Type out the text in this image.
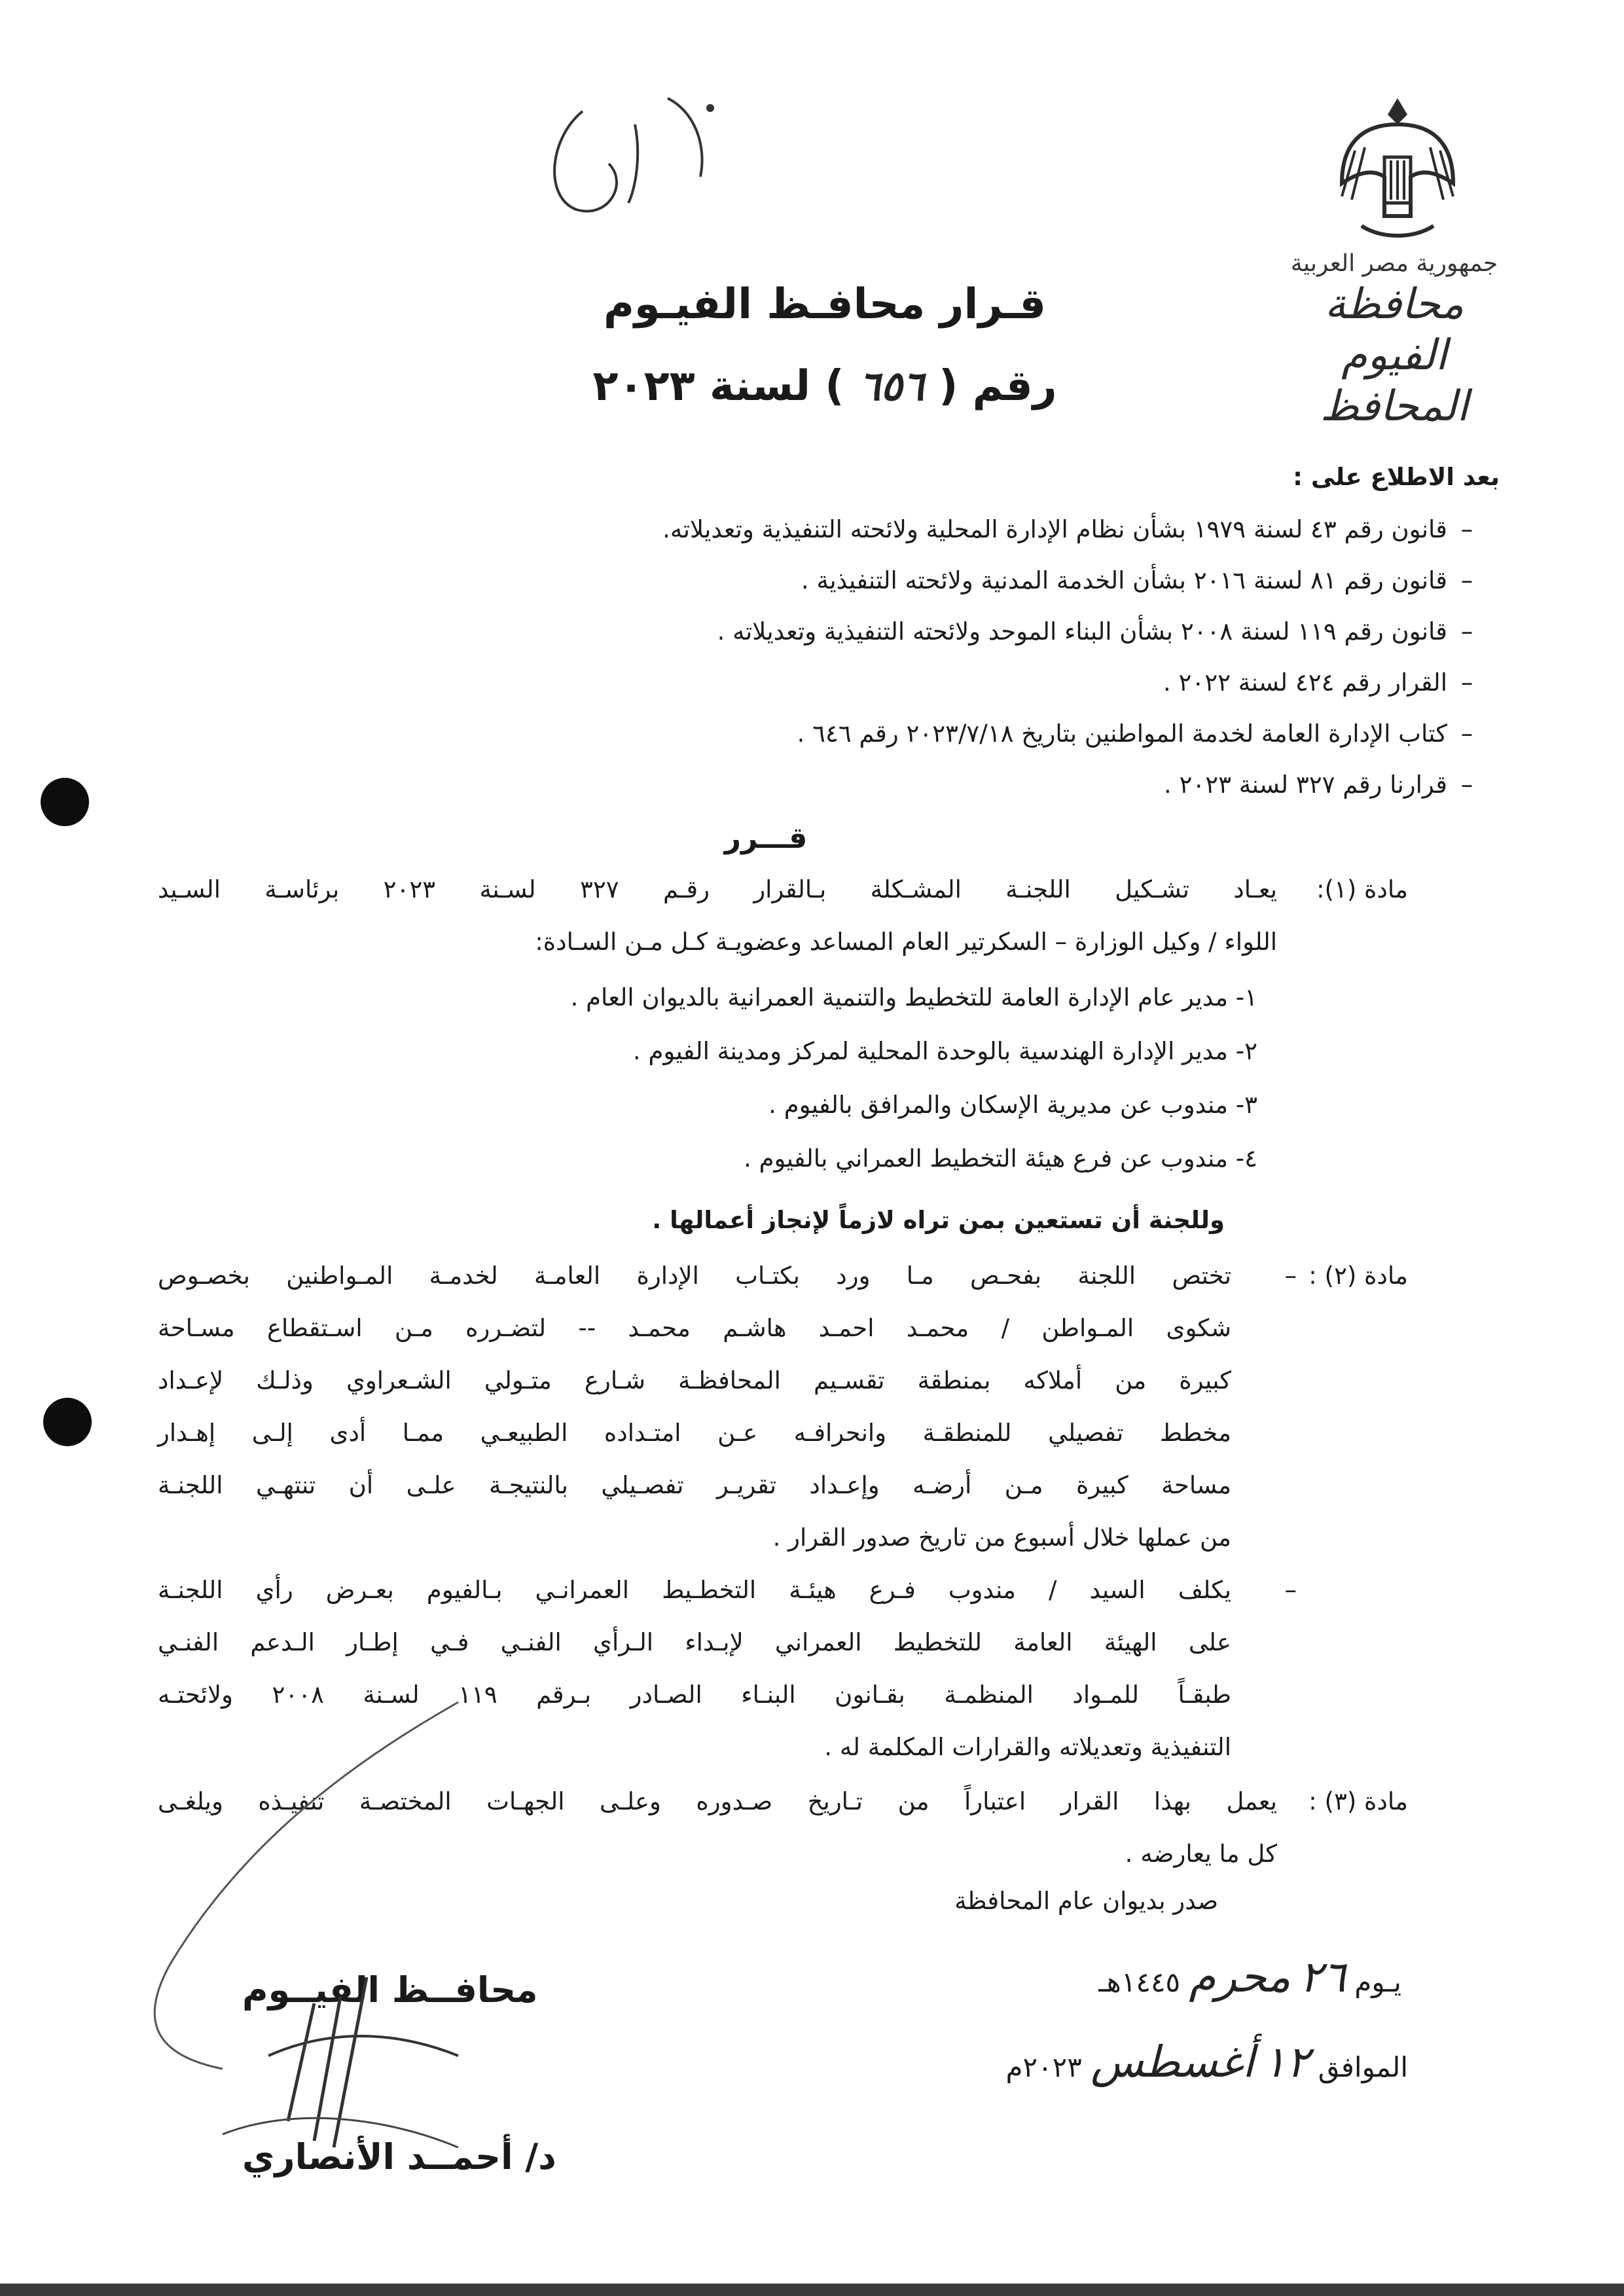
جمهورية مصر العربية
محافظة الفيوم
المحافظ
قـرار محافـظ الفيـوم
رقم ( ٦٥٦ ) لسنة ٢٠٢٣
بعد الاطلاع على :
–قانون رقم ٤٣ لسنة ١٩٧٩ بشأن نظام الإدارة المحلية ولائحته التنفيذية وتعديلاته.
–قانون رقم ٨١ لسنة ٢٠١٦ بشأن الخدمة المدنية ولائحته التنفيذية .
–قانون رقم ١١٩ لسنة ٢٠٠٨ بشأن البناء الموحد ولائحته التنفيذية وتعديلاته .
–القرار رقم ٤٢٤ لسنة ٢٠٢٢ .
–كتاب الإدارة العامة لخدمة المواطنين بتاريخ ٢٠٢٣/٧/١٨ رقم ٦٤٦ .
–قرارنا رقم ٣٢٧ لسنة ٢٠٢٣ .
قـــرر
مادة (١):
يعـاد تشـكيل اللجنـة المشـكلة بـالقرار رقـم ٣٢٧ لسـنة ٢٠٢٣ برئاسـة السـيد
اللواء / وكيل الوزارة – السكرتير العام المساعد وعضويـة كـل مـن السـادة:
١- مدير عام الإدارة العامة للتخطيط والتنمية العمرانية بالديوان العام .
٢- مدير الإدارة الهندسية بالوحدة المحلية لمركز ومدينة الفيوم .
٣- مندوب عن مديرية الإسكان والمرافق بالفيوم .
٤- مندوب عن فرع هيئة التخطيط العمراني بالفيوم .
وللجنة أن تستعين بمن تراه لازماً لإنجاز أعمالها .
مادة (٢) :
–
تختص اللجنة بفحـص مـا ورد بكتـاب الإدارة العامـة لخدمـة المـواطنين بخصـوص
شكوى المـواطن / محمـد احمـد هاشـم محمـد -- لتضـرره مـن اسـتقطاع مسـاحة
كبيرة من أملاكه بمنطقة تقسـيم المحافظـة شـارع متـولي الشـعراوي وذلـك لإعـداد
مخطط تفصيلي للمنطقـة وانحرافـه عـن امتـداده الطبيعـي ممـا أدى إلـى إهـدار
مساحة كبيرة مـن أرضـه وإعـداد تقريـر تفصـيلي بالنتيجـة علـى أن تنتهـي اللجنـة
من عملها خلال أسبوع من تاريخ صدور القرار .
–
يكلف السيد / مندوب فـرع هيئـة التخطـيط العمرانـي بـالفيوم بعـرض رأي اللجنـة
على الهيئة العامة للتخطيط العمراني لإبـداء الـرأي الفنـي فـي إطـار الـدعم الفنـي
طبقـاً للمـواد المنظمـة بقـانون البنـاء الصـادر بـرقم ١١٩ لسـنة ٢٠٠٨ ولائحتـه
التنفيذية وتعديلاته والقرارات المكلمة له .
مادة (٣) :
يعمل بهذا القرار اعتباراً من تـاريخ صـدوره وعلـى الجهـات المختصـة تنفيـذه ويلغـى
كل ما يعارضه .
صدر بديوان عام المحافظة
يـوم ٢٦ محرم ١٤٤٥هـ
الموافق ١٢ أغسطس ٢٠٢٣م
محافــظ الفيــوم
د/ أحمــد الأنصاري
